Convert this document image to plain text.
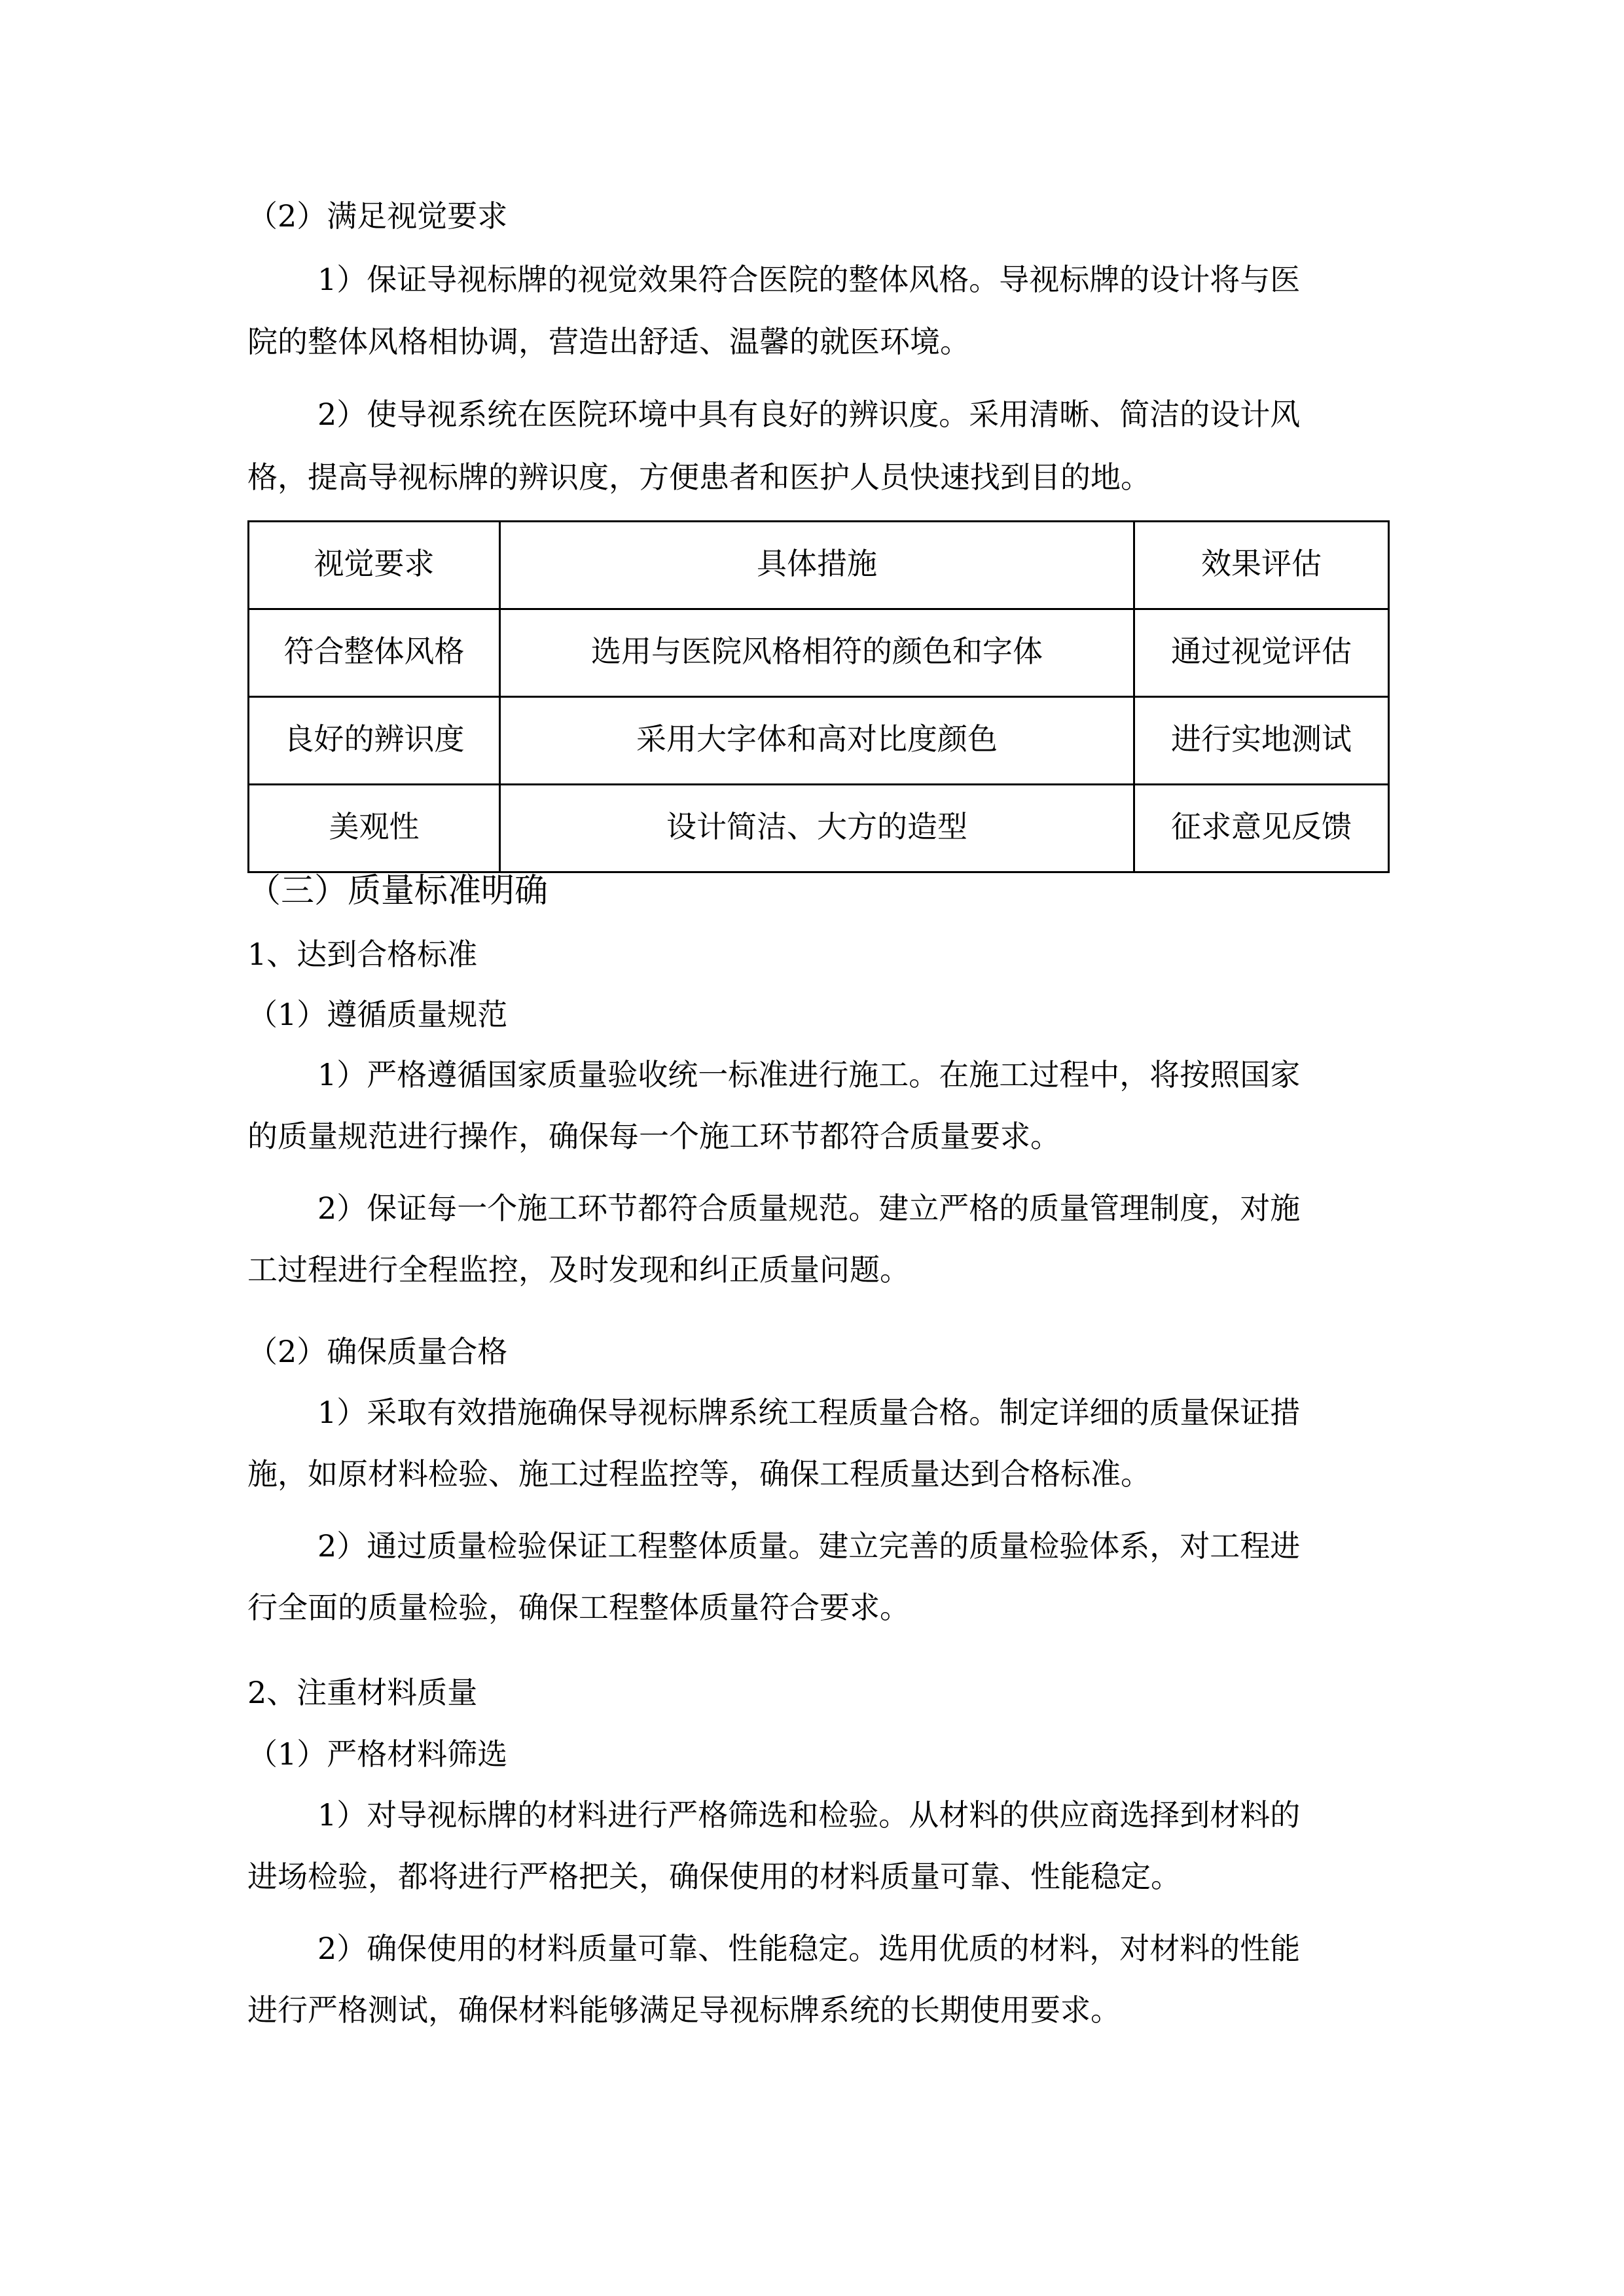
（2）满足视觉要求
1）保证导视标牌的视觉效果符合医院的整体风格。导视标牌的设计将与医
院的整体风格相协调，营造出舒适、温馨的就医环境。
2）使导视系统在医院环境中具有良好的辨识度。采用清晰、简洁的设计风
格，提高导视标牌的辨识度，方便患者和医护人员快速找到目的地。
视觉要求	具体措施	效果评估
符合整体风格	选用与医院风格相符的颜色和字体	通过视觉评估
良好的辨识度	采用大字体和高对比度颜色	进行实地测试
美观性	设计简洁、大方的造型	征求意见反馈
（三）质量标准明确
1、达到合格标准
（1）遵循质量规范
1）严格遵循国家质量验收统一标准进行施工。在施工过程中，将按照国家
的质量规范进行操作，确保每一个施工环节都符合质量要求。
2）保证每一个施工环节都符合质量规范。建立严格的质量管理制度，对施
工过程进行全程监控，及时发现和纠正质量问题。
（2）确保质量合格
1）采取有效措施确保导视标牌系统工程质量合格。制定详细的质量保证措
施，如原材料检验、施工过程监控等，确保工程质量达到合格标准。
2）通过质量检验保证工程整体质量。建立完善的质量检验体系，对工程进
行全面的质量检验，确保工程整体质量符合要求。
2、注重材料质量
（1）严格材料筛选
1）对导视标牌的材料进行严格筛选和检验。从材料的供应商选择到材料的
进场检验，都将进行严格把关，确保使用的材料质量可靠、性能稳定。
2）确保使用的材料质量可靠、性能稳定。选用优质的材料，对材料的性能
进行严格测试，确保材料能够满足导视标牌系统的长期使用要求。
